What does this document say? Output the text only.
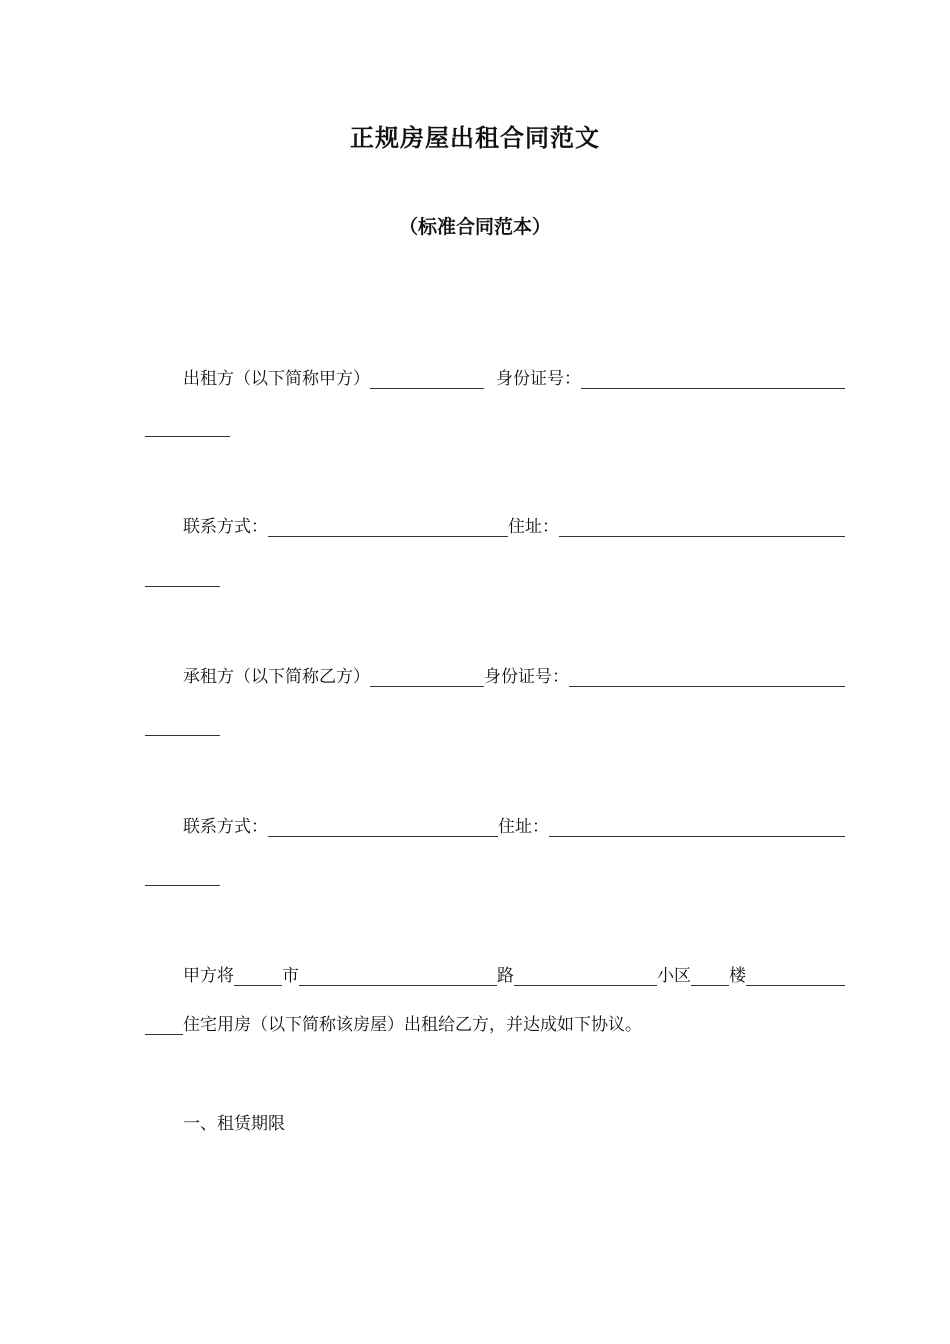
正规房屋出租合同范文
（标准合同范本）
出租方（以下简称甲方）	身份证号：
联系方式：	住址：
承租方（以下简称乙方）	身份证号：
联系方式：	住址：
甲方将	市	路	小区 楼
住宅用房（以下简称该房屋）出租给乙方，并达成如下协议。
一、租赁期限
